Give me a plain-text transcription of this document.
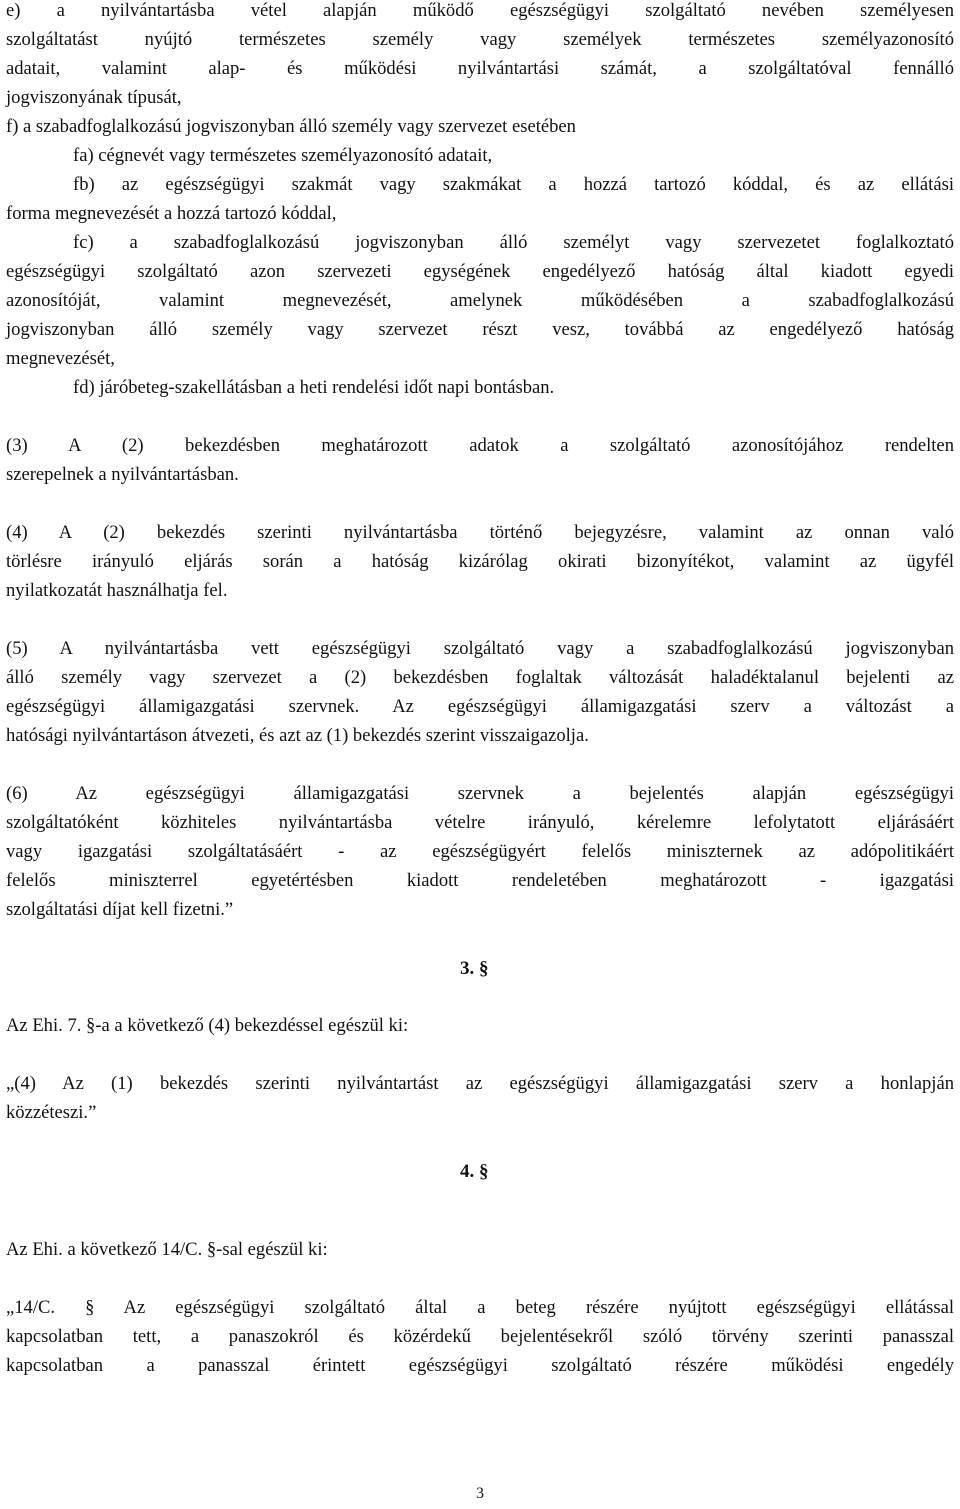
e) a nyilvántartásba vétel alapján működő egészségügyi szolgáltató nevében személyesen
szolgáltatást nyújtó természetes személy vagy személyek természetes személyazonosító
adatait, valamint alap- és működési nyilvántartási számát, a szolgáltatóval fennálló
jogviszonyának típusát,
f) a szabadfoglalkozású jogviszonyban álló személy vagy szervezet esetében
fa) cégnevét vagy természetes személyazonosító adatait,
fb) az egészségügyi szakmát vagy szakmákat a hozzá tartozó kóddal, és az ellátási
forma megnevezését a hozzá tartozó kóddal,
fc) a szabadfoglalkozású jogviszonyban álló személyt vagy szervezetet foglalkoztató
egészségügyi szolgáltató azon szervezeti egységének engedélyező hatóság által kiadott egyedi
azonosítóját, valamint megnevezését, amelynek működésében a szabadfoglalkozású
jogviszonyban álló személy vagy szervezet részt vesz, továbbá az engedélyező hatóság
megnevezését,
fd) járóbeteg-szakellátásban a heti rendelési időt napi bontásban.
(3) A (2) bekezdésben meghatározott adatok a szolgáltató azonosítójához rendelten
szerepelnek a nyilvántartásban.
(4) A (2) bekezdés szerinti nyilvántartásba történő bejegyzésre, valamint az onnan való
törlésre irányuló eljárás során a hatóság kizárólag okirati bizonyítékot, valamint az ügyfél
nyilatkozatát használhatja fel.
(5) A nyilvántartásba vett egészségügyi szolgáltató vagy a szabadfoglalkozású jogviszonyban
álló személy vagy szervezet a (2) bekezdésben foglaltak változását haladéktalanul bejelenti az
egészségügyi államigazgatási szervnek. Az egészségügyi államigazgatási szerv a változást a
hatósági nyilvántartáson átvezeti, és azt az (1) bekezdés szerint visszaigazolja.
(6) Az egészségügyi államigazgatási szervnek a bejelentés alapján egészségügyi
szolgáltatóként közhiteles nyilvántartásba vételre irányuló, kérelemre lefolytatott eljárásáért
vagy igazgatási szolgáltatásáért - az egészségügyért felelős miniszternek az adópolitikáért
felelős miniszterrel egyetértésben kiadott rendeletében meghatározott - igazgatási
szolgáltatási díjat kell fizetni.”
3. §
Az Ehi. 7. §-a a következő (4) bekezdéssel egészül ki:
„(4) Az (1) bekezdés szerinti nyilvántartást az egészségügyi államigazgatási szerv a honlapján
közzéteszi.”
4. §
Az Ehi. a következő 14/C. §-sal egészül ki:
„14/C. § Az egészségügyi szolgáltató által a beteg részére nyújtott egészségügyi ellátással
kapcsolatban tett, a panaszokról és közérdekű bejelentésekről szóló törvény szerinti panasszal
kapcsolatban a panasszal érintett egészségügyi szolgáltató részére működési engedély
3
